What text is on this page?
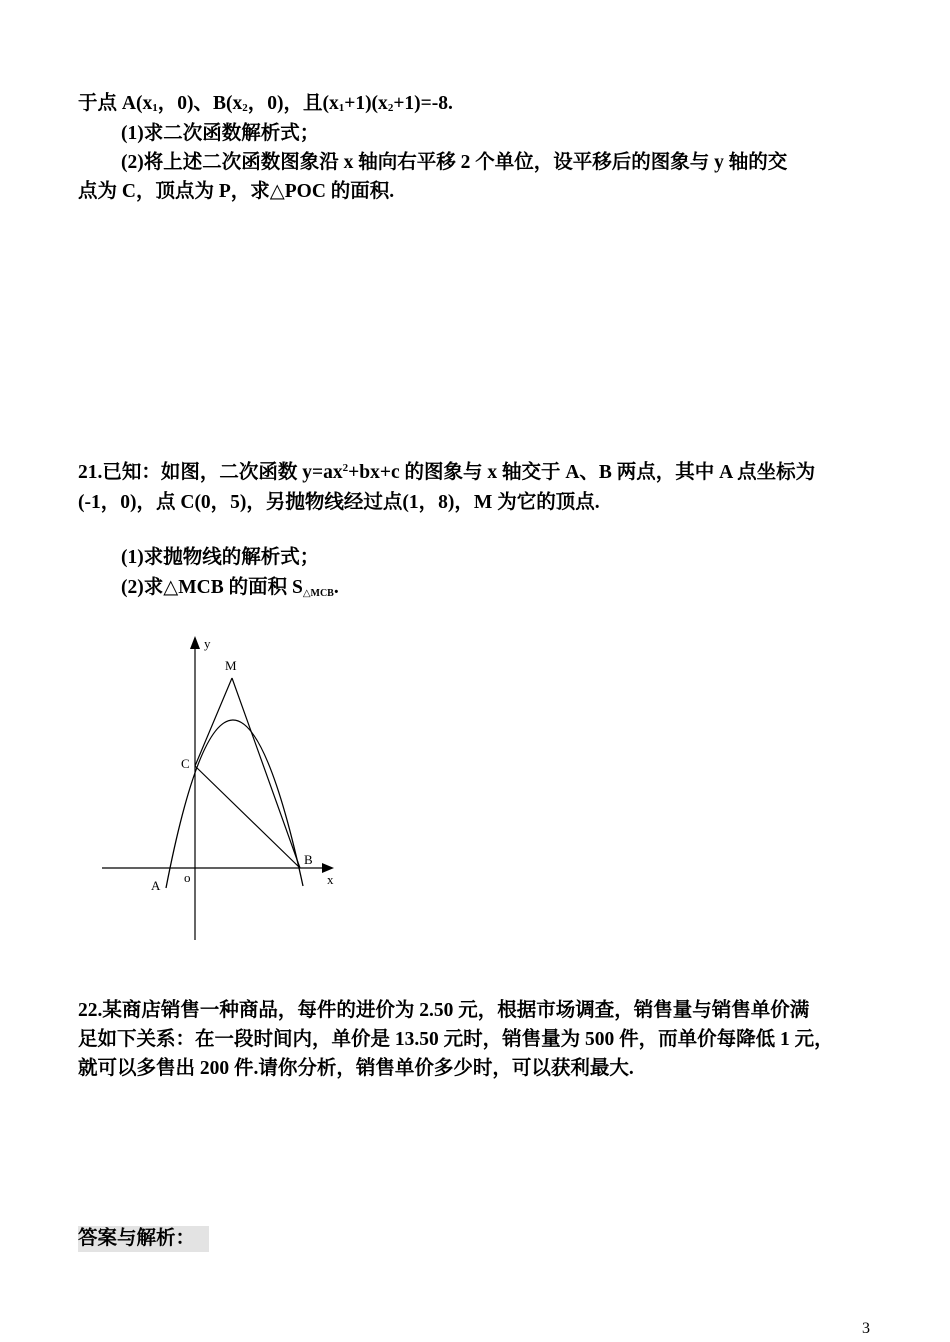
于点 $A(x_1$，0)、$B(x_2$，0)，且$(x_1+1)(x_2+1)=-8$.
(1)求二次函数解析式；
(2)将上述二次函数图象沿 x 轴向右平移 2 个单位，设平移后的图象与 y 轴的交
点为 C，顶点为 P，求△POC 的面积.
21.已知：如图，二次函数 $y=ax^2+bx+c$ 的图象与 x 轴交于 A、B 两点，其中 A 点坐标为
(-1，0)，点 C(0，5)，另抛物线经过点(1，8)，M 为它的顶点.
(1)求抛物线的解析式；
(2)求△MCB 的面积 S△MCB.
y
x
M
C
B
A
o
22.某商店销售一种商品，每件的进价为 2.50 元，根据市场调查，销售量与销售单价满
足如下关系：在一段时间内，单价是 13.50 元时，销售量为 500 件，而单价每降低 1 元，
就可以多售出 200 件.请你分析，销售单价多少时，可以获利最大.
答案与解析：
3
